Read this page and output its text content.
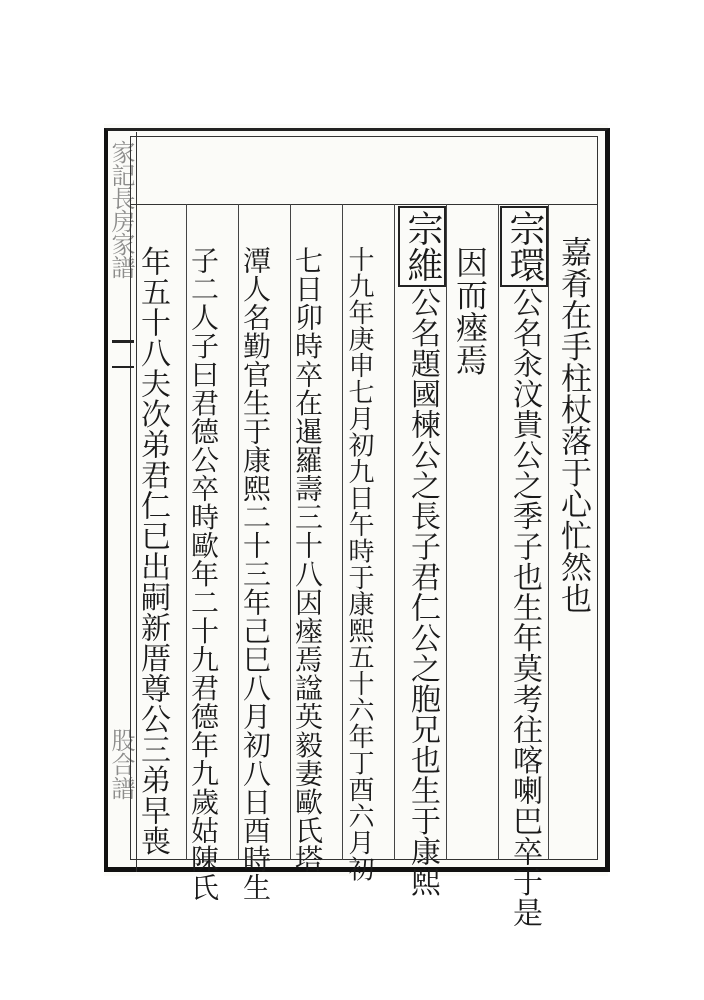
家記長房家譜
股合譜
嘉肴在手柱杖落于心忙然也
宗環公名汆汶貴公之季子也生年莫考往喀喇巴卒于是
因而瘞焉
宗維公名題國楝公之長子君仁公之胞兄也生于康熙
十九年庚申七月初九日午時于康熙五十六年丁酉六月初
七日卯時卒在暹羅壽三十八因瘞焉諡英毅妻歐氏塔
潭人名勤官生于康熙二十三年己巳八月初八日酉時生
子二人子曰君德公卒時歐年二十九君德年九歲姑陳氏
年五十八夫次弟君仁已出嗣新厝尊公三弟早喪
